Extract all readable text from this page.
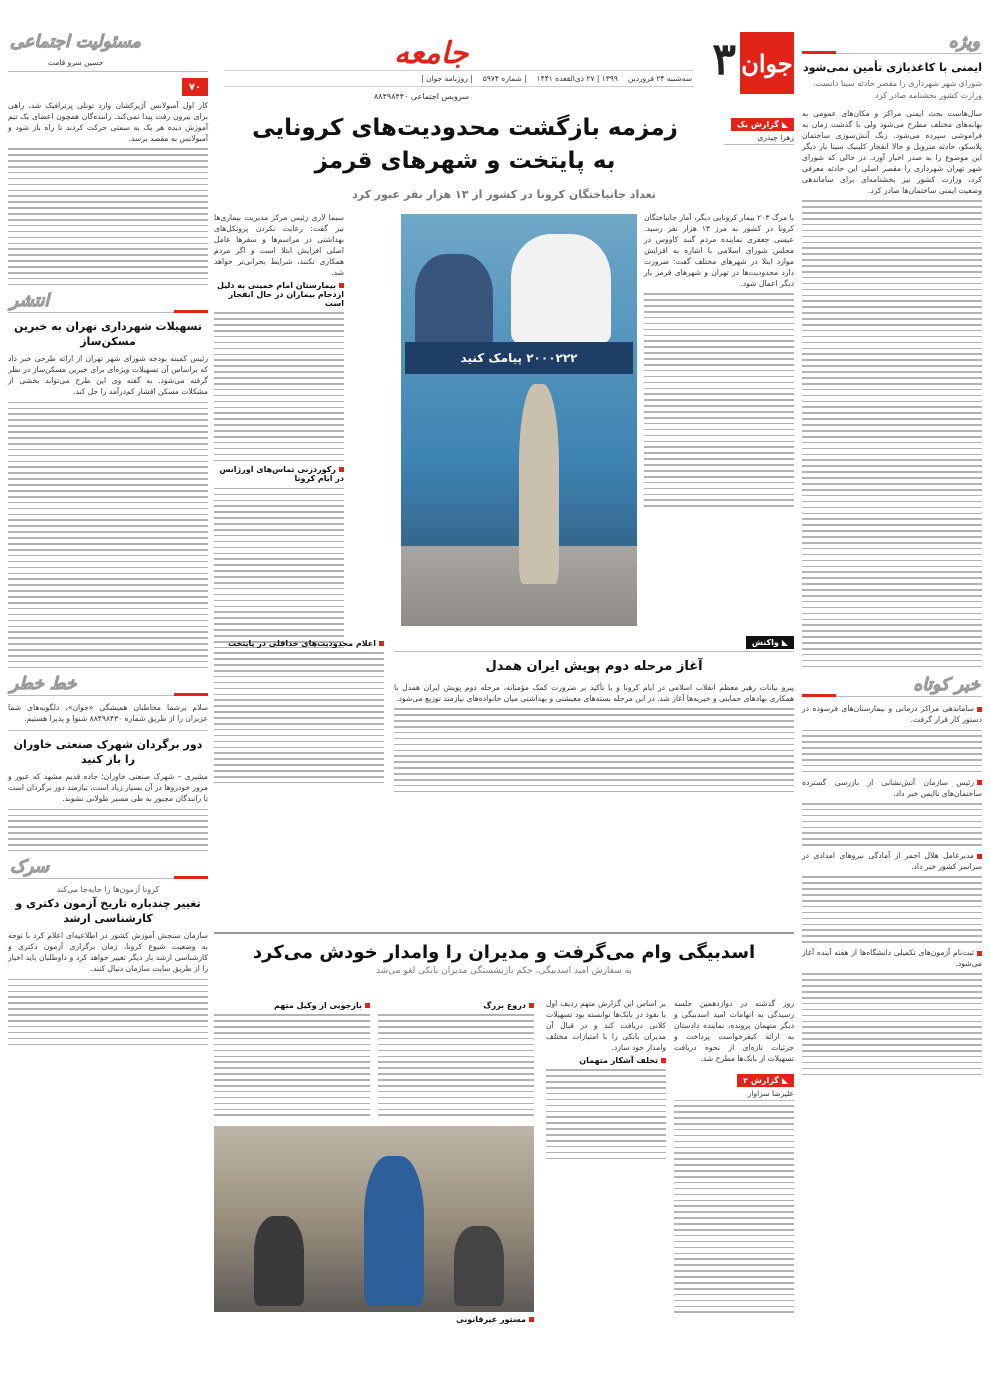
ویژه
ایمنی با کاغذبازی تأمین نمی‌شود
شورای شهر شهرداری را مقصر حادثه سینا دانست، وزارت کشور بخشنامه صادر کرد

سال‌هاست بحث ایمنی مراکز و مکان‌های عمومی به بهانه‌های مختلف مطرح می‌شود ولی با گذشت زمان به فراموشی سپرده می‌شود. زنگ آتش‌سوزی ساختمان پلاسکو، حادثه متروپل و حالا انفجار کلینیک سینا بار دیگر این موضوع را به صدر اخبار آورد. در حالی که شورای شهر تهران شهرداری را مقصر اصلی این حادثه معرفی کرد، وزارت کشور نیز بخشنامه‌ای برای ساماندهی وضعیت ایمنی ساختمان‌ها صادر کرد.

خبر کوتاه

ساماندهی مراکز درمانی و بیمارستان‌های فرسوده در دستور کار قرار گرفت.

رئیس سازمان آتش‌نشانی از بازرسی گسترده ساختمان‌های ناایمن خبر داد.

مدیرعامل هلال احمر از آمادگی نیروهای امدادی در سراسر کشور خبر داد.

ثبت‌نام آزمون‌های تکمیلی دانشگاه‌ها از هفته آینده آغاز می‌شود.

مسئولیت اجتماعی
حسین سرو قامت
۷۰

کار اول آمبولانس آژیرکشان وارد تونلی پرترافیک شد، راهی برای بیرون رفت پیدا نمی‌کند. راننده‌گان همچون اعضای یک تیم آموزش دیده هر یک به سمتی حرکت کردند تا راه باز شود و آمبولانس به مقصد برسد.

انتشر
تسهیلات شهرداری تهران به خبرین مسکن‌ساز

رئیس کمیته بودجه شورای شهر تهران از ارائه طرحی خبر داد که براساس آن تسهیلات ویژه‌ای برای خیرین مسکن‌ساز در نظر گرفته می‌شود. به گفته وی این طرح می‌تواند بخشی از مشکلات مسکن اقشار کم‌درآمد را حل کند.

خط خطر

سلام برشما مخاطبان همیشگی «جوان»، دلگویه‌های شما عزیزان را از طریق شماره ۸۸۴۹۸۴۳۰ شنوا و پذیرا هستیم.

دور برگردان شهرک صنعتی خاوران را باز کنید

مشیری – شهرک صنعتی خاوران؛ جاده قدیم مشهد که عبور و مرور خودروها در آن بسیار زیاد است، نیازمند دور برگردان است تا رانندگان مجبور به طی مسیر طولانی نشوند.

سرک
کرونا آزمون‌ها را جابه‌جا می‌کند
تغییر چندباره تاریخ آزمون دکتری و کارشناسی ارشد

سازمان سنجش آموزش کشور در اطلاعیه‌ای اعلام کرد با توجه به وضعیت شیوع کرونا، زمان برگزاری آزمون دکتری و کارشناسی ارشد بار دیگر تغییر خواهد کرد و داوطلبان باید اخبار را از طریق سایت سازمان دنبال کنند.

جوان
۳
سه‌شنبه ۲۴ فروردین
۱۳۹۹ | ۲۷ ذی‌القعده ۱۴۴۱
| شماره ۵۹۷۴
| روزنامه جوان |
جامعه
سرویس اجتماعی ۸۸۴۹۸۴۴۰
◣
گزارش یک
زهرا چیذری
زمزمه بازگشت محدودیت‌های کرونایی
به پایتخت و شهرهای قرمز
تعداد جانباختگان کرونا در کشور از ۱۳ هزار نفر عبور کرد

با مرگ ۲۰۳ بیمار کرونایی دیگر، آمار جانباختگان کرونا در کشور به مرز ۱۳ هزار نفر رسید. عیسی جعفری نماینده مردم گنبد کاووس در مجلس شورای اسلامی با اشاره به افزایش موارد ابتلا در شهرهای مختلف گفت: ضرورت دارد محدودیت‌ها در تهران و شهرهای قرمز بار دیگر اعمال شود.

۲۰۰۰۲۲۲ پیامک کنید

سیما لاری رئیس مرکز مدیریت بیماری‌ها نیز گفت: رعایت نکردن پروتکل‌های بهداشتی در مراسم‌ها و سفرها عامل اصلی افزایش ابتلا است و اگر مردم همکاری نکنند، شرایط بحرانی‌تر خواهد شد.

بیمارستان امام خمینی به دلیل ازدحام بیماران در حال انفجار است
رکوردزنی تماس‌های اورژانس در ایام کرونا
◣
واکنش
آغاز مرحله دوم پویش ایران همدل

پیرو بیانات رهبر معظم انقلاب اسلامی در ایام کرونا و با تأکید بر ضرورت کمک مؤمنانه، مرحله دوم پویش ایران همدل با همکاری نهادهای حمایتی و خیریه‌ها آغاز شد. در این مرحله بسته‌های معیشتی و بهداشتی میان خانواده‌های نیازمند توزیع می‌شود.

اعلام محدودیت‌های حداقلی در پایتخت
اسدبیگی وام می‌گرفت و مدیران را وامدار خودش می‌کرد
به سفارش امید اسدبیگی، حکم بازنشستگی مدیران بانکی لغو می‌شد

روز گذشته در دوازدهمین جلسه رسیدگی به اتهامات امید اسدبیگی و دیگر متهمان پرونده، نماینده دادستان به ارائه کیفرخواست پرداخت و جزئیات تازه‌ای از نحوه دریافت تسهیلات از بانک‌ها مطرح شد.

◣
گزارش ۲
علیرضا سزاوار

بر اساس این گزارش متهم ردیف اول با نفوذ در بانک‌ها توانسته بود تسهیلات کلانی دریافت کند و در قبال آن مدیران بانکی را با امتیازات مختلف وامدار خود سازد.

تخلف آشکار متهمان
دروغ بزرگ
بازجویی از وکیل متهم
مستور غیرقانونی
